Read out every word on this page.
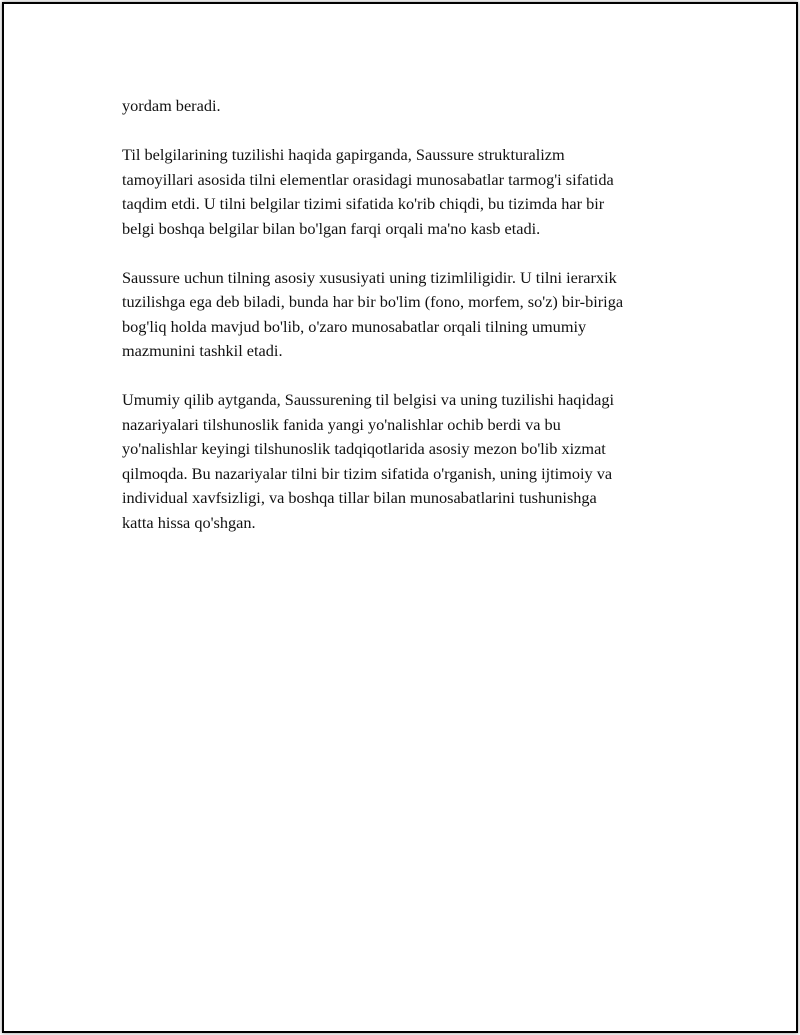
yordam beradi.

Til belgilarining tuzilishi haqida gapirganda, Saussure strukturalizm
tamoyillari asosida tilni elementlar orasidagi munosabatlar tarmog'i sifatida
taqdim etdi. U tilni belgilar tizimi sifatida ko'rib chiqdi, bu tizimda har bir
belgi boshqa belgilar bilan bo'lgan farqi orqali ma'no kasb etadi.

Saussure uchun tilning asosiy xususiyati uning tizimliligidir. U tilni ierarxik
tuzilishga ega deb biladi, bunda har bir bo'lim (fono, morfem, so'z) bir-biriga
bog'liq holda mavjud bo'lib, o'zaro munosabatlar orqali tilning umumiy
mazmunini tashkil etadi.

Umumiy qilib aytganda, Saussurening til belgisi va uning tuzilishi haqidagi
nazariyalari tilshunoslik fanida yangi yo'nalishlar ochib berdi va bu
yo'nalishlar keyingi tilshunoslik tadqiqotlarida asosiy mezon bo'lib xizmat
qilmoqda. Bu nazariyalar tilni bir tizim sifatida o'rganish, uning ijtimoiy va
individual xavfsizligi, va boshqa tillar bilan munosabatlarini tushunishga
katta hissa qo'shgan.
